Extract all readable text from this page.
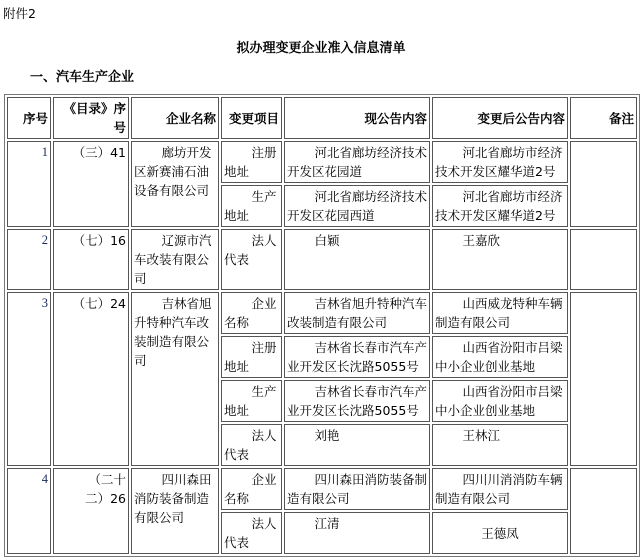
附件2
拟办理变更企业准入信息清单
一、汽车生产企业
序号	《目录》序号	企业名称	变更项目	现公告内容	变更后公告内容	备注
1	（三）41	廊坊开发区新赛浦石油设备有限公司	注册地址	河北省廊坊经济技术开发区花园道	河北省廊坊市经济技术开发区耀华道2号	
			生产地址	河北省廊坊经济技术开发区花园西道	河北省廊坊市经济技术开发区耀华道2号	
2	（七）16	辽源市汽车改装有限公司	法人代表	白颖	王嘉欣	
3	（七）24	吉林省旭升特种汽车改装制造有限公司	企业名称	吉林省旭升特种汽车改装制造有限公司	山西威龙特种车辆制造有限公司	
			注册地址	吉林省长春市汽车产业开发区长沈路5055号	山西省汾阳市吕梁中小企业创业基地	
			生产地址	吉林省长春市汽车产业开发区长沈路5055号	山西省汾阳市吕梁中小企业创业基地	
			法人代表	刘艳	王林江	
4	（二十二）26	四川森田消防装备制造有限公司	企业名称	四川森田消防装备制造有限公司	四川川消消防车辆制造有限公司	
			法人代表	江清	王德凤	
